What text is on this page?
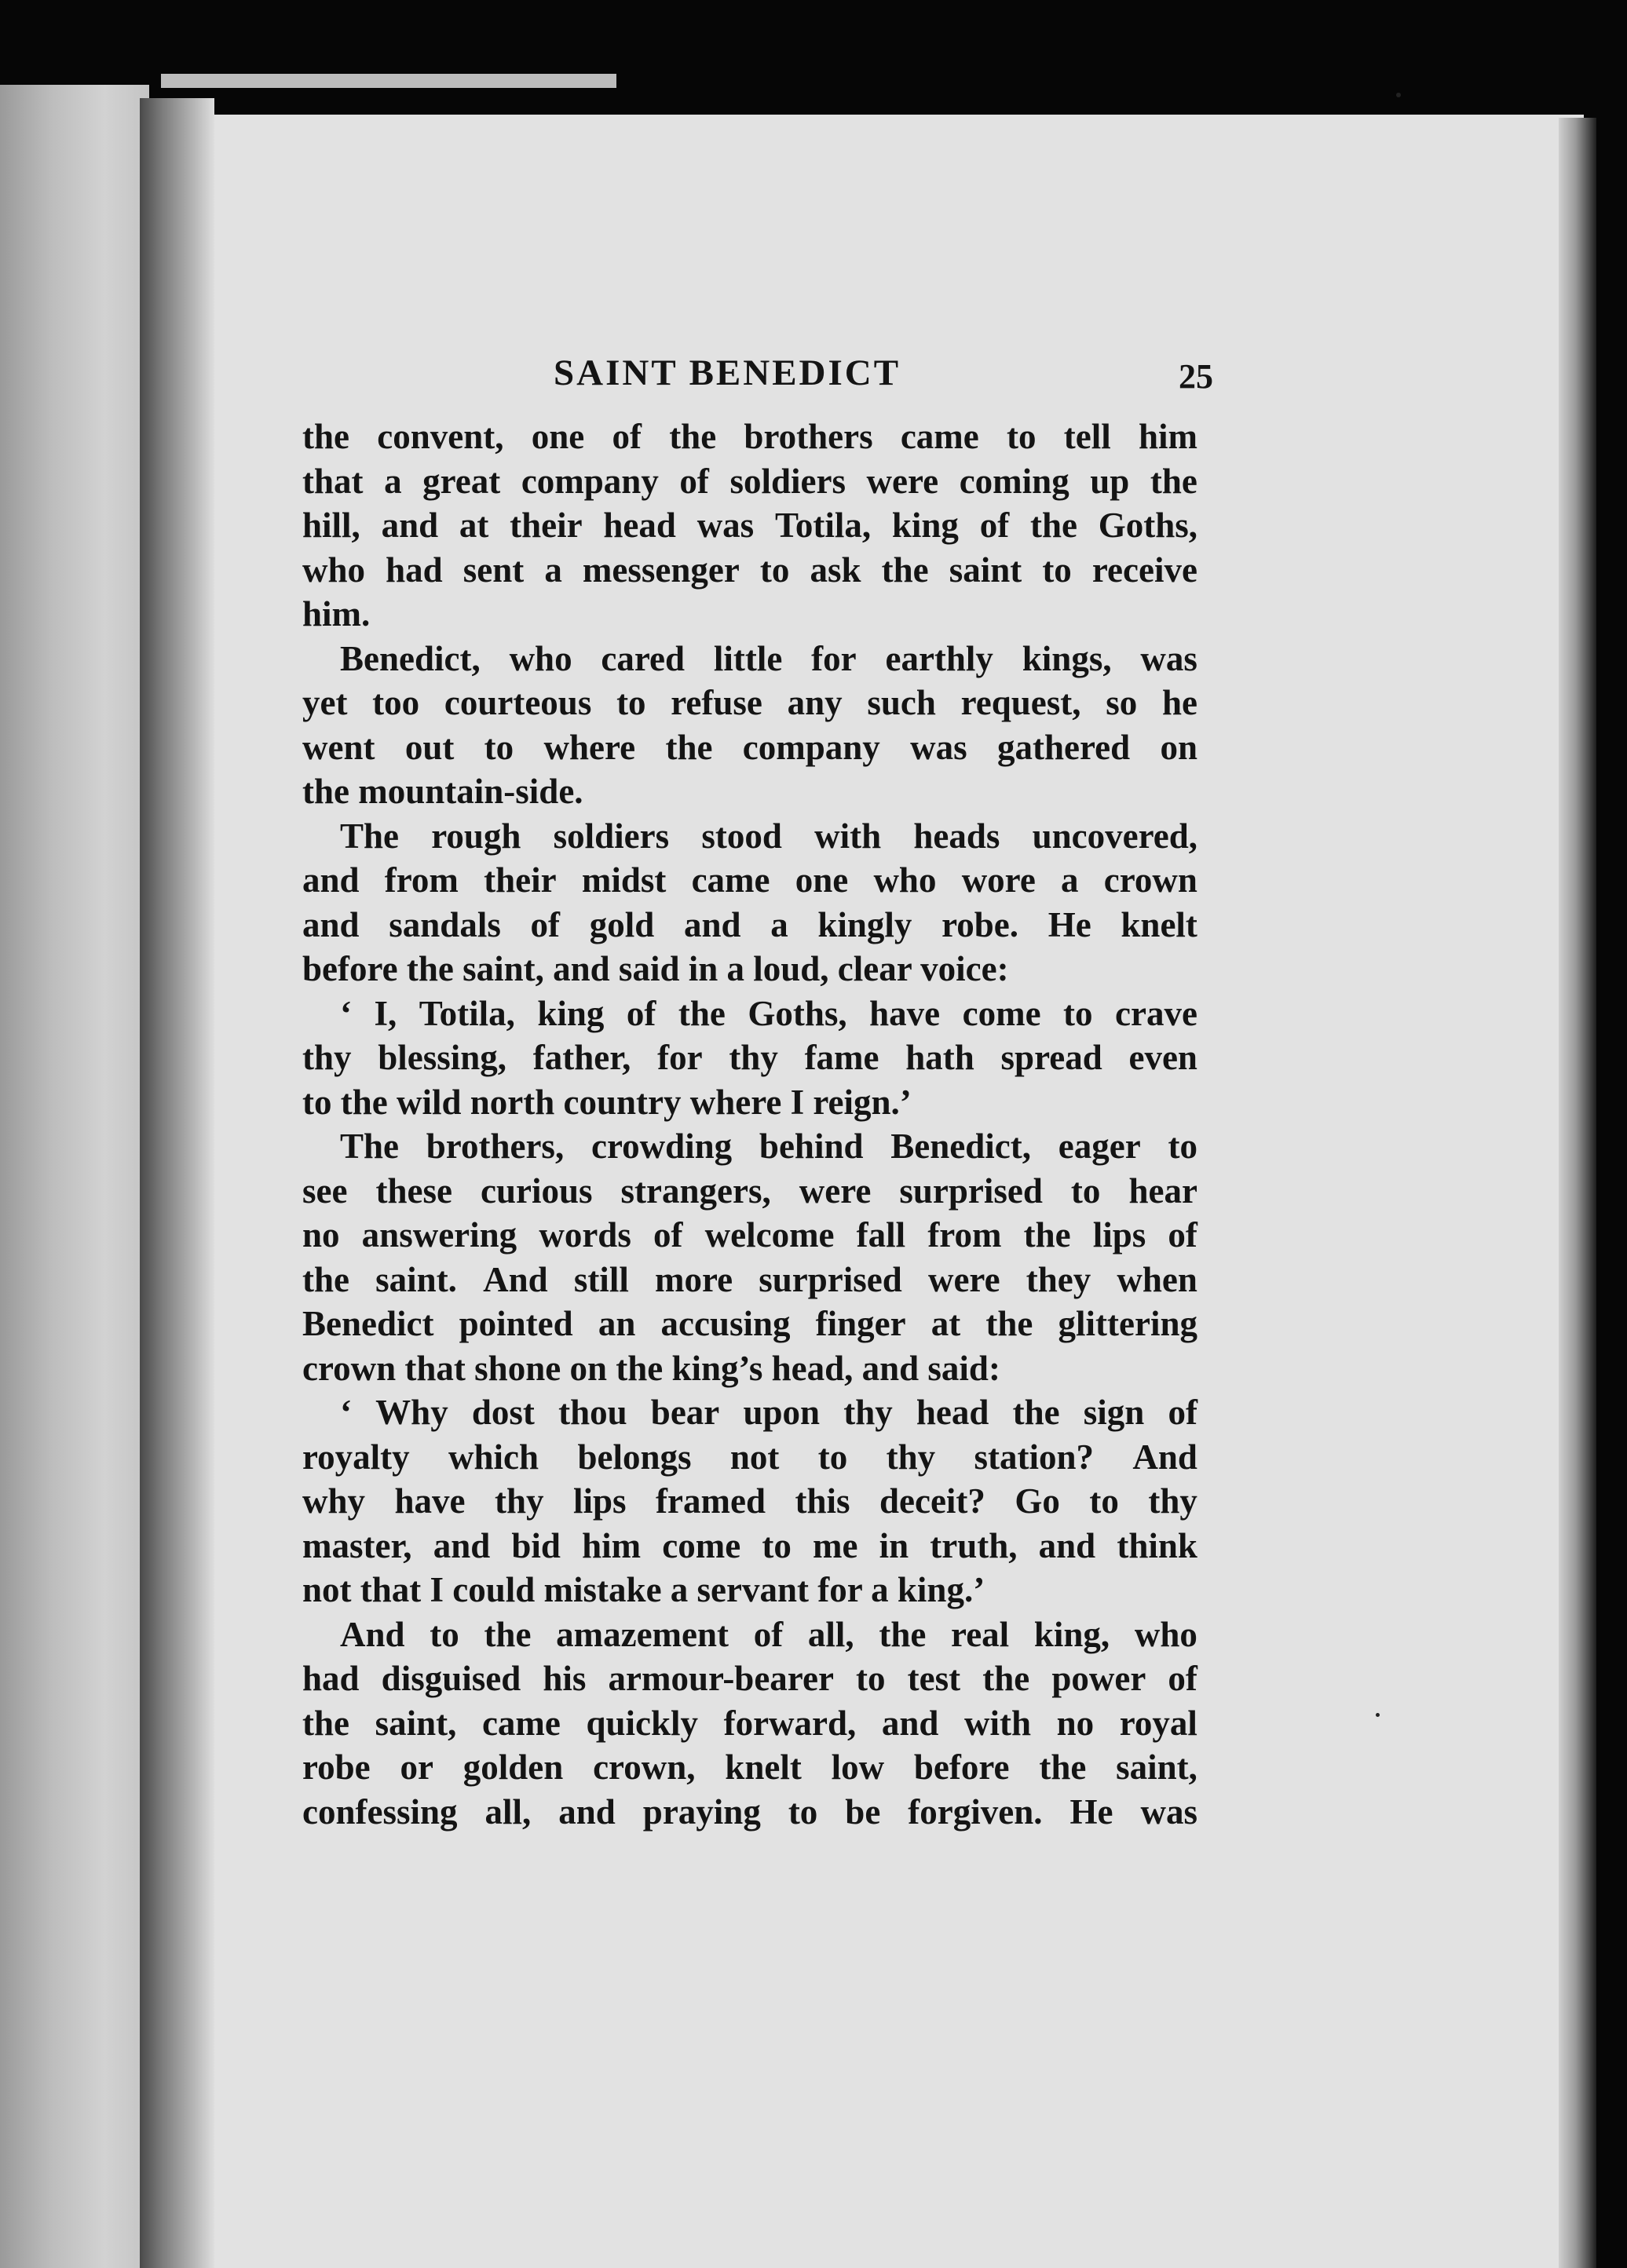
SAINT BENEDICT	25
the convent, one of the brothers came to tell him
that a great company of soldiers were coming up the
hill, and at their head was Totila, king of the Goths,
who had sent a messenger to ask the saint to receive
him.
Benedict, who cared little for earthly kings, was
yet too courteous to refuse any such request, so he
went out to where the company was gathered on
the mountain-side.
The rough soldiers stood with heads uncovered,
and from their midst came one who wore a crown
and sandals of gold and a kingly robe. He knelt
before the saint, and said in a loud, clear voice:
‘ I, Totila, king of the Goths, have come to crave
thy blessing, father, for thy fame hath spread even
to the wild north country where I reign.’
The brothers, crowding behind Benedict, eager to
see these curious strangers, were surprised to hear
no answering words of welcome fall from the lips of
the saint. And still more surprised were they when
Benedict pointed an accusing finger at the glittering
crown that shone on the king’s head, and said:
‘ Why dost thou bear upon thy head the sign of
royalty which belongs not to thy station? And
why have thy lips framed this deceit? Go to thy
master, and bid him come to me in truth, and think
not that I could mistake a servant for a king.’
And to the amazement of all, the real king, who
had disguised his armour-bearer to test the power of
the saint, came quickly forward, and with no royal
robe or golden crown, knelt low before the saint,
confessing all, and praying to be forgiven. He was
